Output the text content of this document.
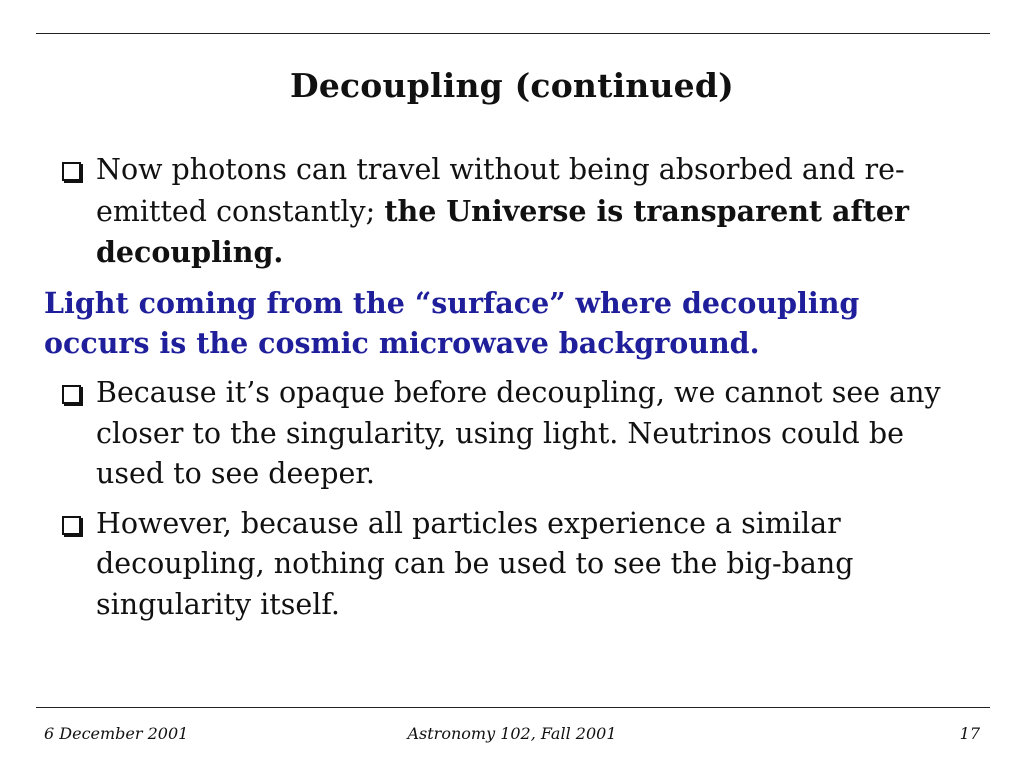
Decoupling (continued)
Now photons can travel without being absorbed and re-emitted constantly; the Universe is transparent after decoupling.
Light coming from the “surface” where decoupling occurs is the cosmic microwave background.
Because it’s opaque before decoupling, we cannot see any closer to the singularity, using light. Neutrinos could be used to see deeper.
However, because all particles experience a similar decoupling, nothing can be used to see the big-bang singularity itself.
6 December 2001	Astronomy 102, Fall 2001	17
